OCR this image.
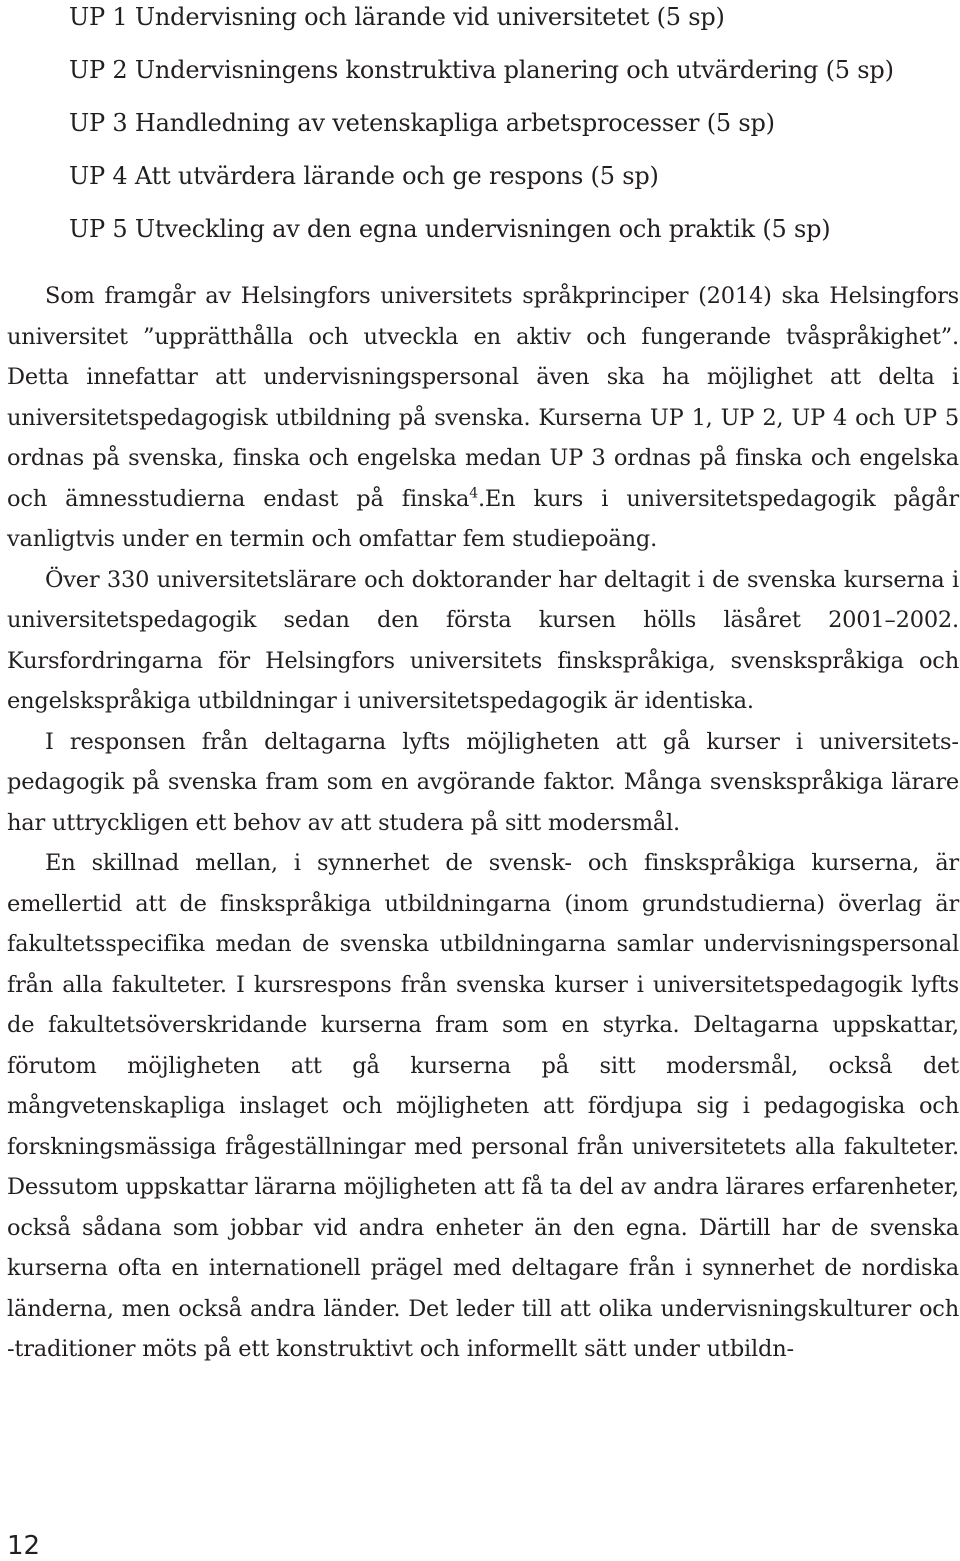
UP 1 Undervisning och lärande vid universitetet (5 sp)
UP 2 Undervisningens konstruktiva planering och utvärdering (5 sp)
UP 3 Handledning av vetenskapliga arbetsprocesser (5 sp)
UP 4 Att utvärdera lärande och ge respons (5 sp)
UP 5 Utveckling av den egna undervisningen och praktik (5 sp)

Som framgår av Helsingfors universitets språkprinciper (2014) ska Helsingfors universitet ”upprätthålla och utveckla en aktiv och fungerande tvåspråkighet”. Detta innefattar att undervisningspersonal även ska ha möjlighet att delta i universitetspedagogisk utbildning på svenska. Kurserna UP 1, UP 2, UP 4 och UP 5 ordnas på svenska, finska och engelska medan UP 3 ordnas på finska och engelska och ämnesstudierna endast på finska$^4$.En kurs i universitetspedagogik pågår vanligtvis under en termin och omfattar fem studiepoäng.

Över 330 universitetslärare och doktorander har deltagit i de svenska kurserna i universitetspedagogik sedan den första kursen hölls läsåret 2001–2002. Kursfordringarna för Helsingfors universitets finskspråkiga, svenskspråkiga och engelskspråkiga utbildningar i universitetspedagogik är identiska.

I responsen från deltagarna lyfts möjligheten att gå kurser i universitetspedagogik på svenska fram som en avgörande faktor. Många svenskspråkiga lärare har uttryckligen ett behov av att studera på sitt modersmål.

En skillnad mellan, i synnerhet de svensk- och finskspråkiga kurserna, är emellertid att de finskspråkiga utbildningarna (inom grundstudierna) överlag är fakultetsspecifika medan de svenska utbildningarna samlar undervisningspersonal från alla fakulteter. I kursrespons från svenska kurser i universitetspedagogik lyfts de fakultetsöverskridande kurserna fram som en styrka. Deltagarna uppskattar, förutom möjligheten att gå kurserna på sitt modersmål, också det mångvetenskapliga inslaget och möjligheten att fördjupa sig i pedagogiska och forskningsmässiga frågeställningar med personal från universitetets alla fakulteter. Dessutom uppskattar lärarna möjligheten att få ta del av andra lärares erfarenheter, också sådana som jobbar vid andra enheter än den egna. Därtill har de svenska kurserna ofta en internationell prägel med deltagare från i synnerhet de nordiska länderna, men också andra länder. Det leder till att olika undervisningskulturer och -traditioner möts på ett konstruktivt och informellt sätt under utbildn-

12
